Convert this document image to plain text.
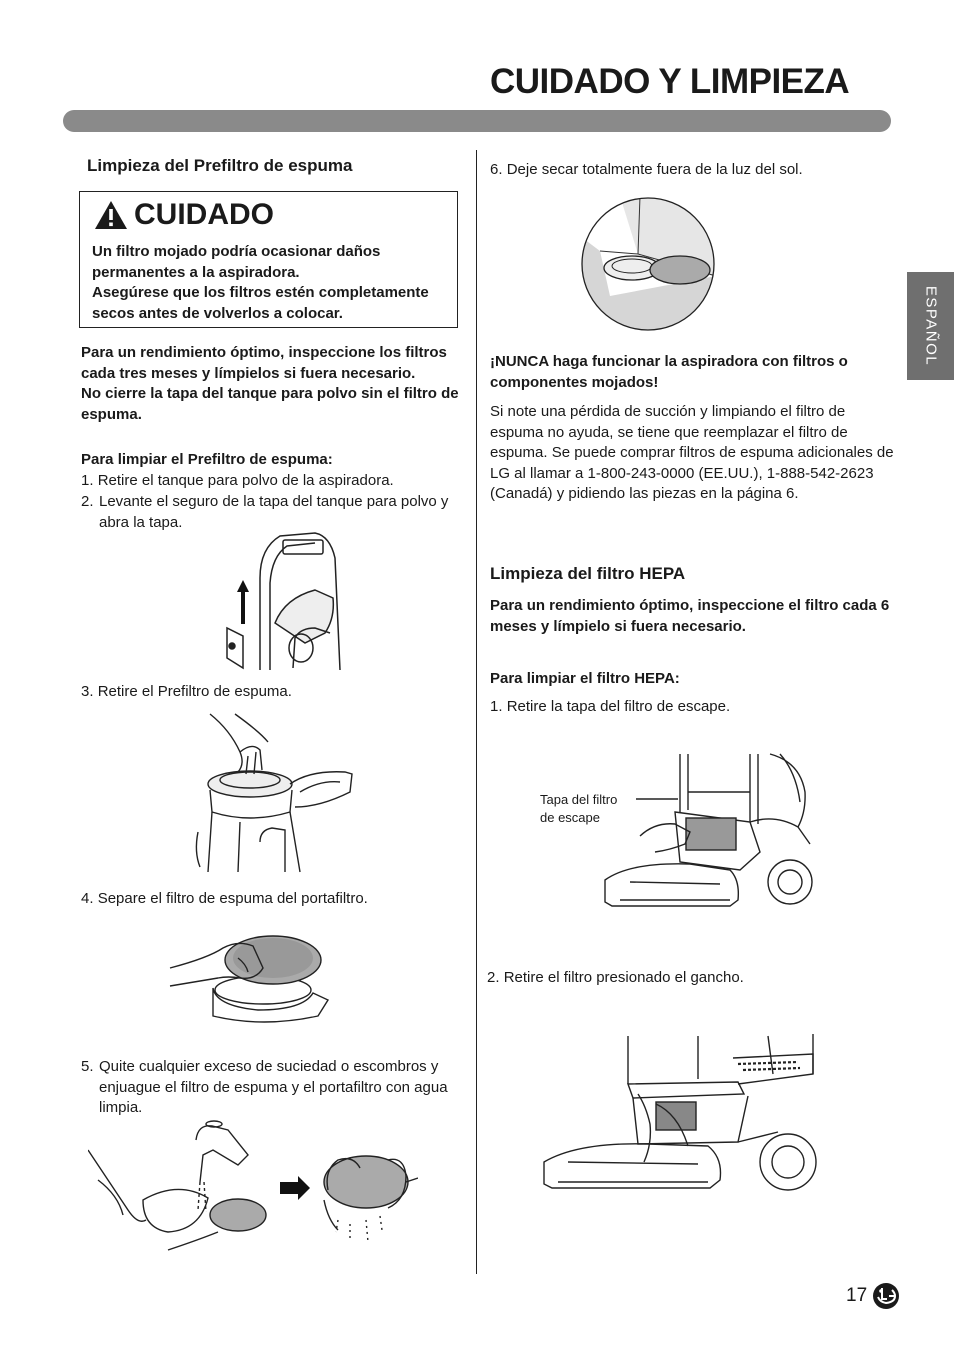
CUIDADO Y LIMPIEZA
ESPAÑOL
Limpieza del Prefiltro de espuma
CUIDADO
Un filtro mojado podría ocasionar daños permanentes a la aspiradora.
Asegúrese que los filtros estén completamente secos antes de volverlos a colocar.
Para un rendimiento óptimo, inspeccione los filtros cada tres meses y límpielos si fuera necesario.
No cierre la tapa del tanque para polvo sin el filtro de espuma.
Para limpiar el Prefiltro de espuma:
1. Retire el tanque para polvo de la aspiradora.
2. Levante el seguro de la tapa del tanque para polvo y abra la tapa.
3. Retire el Prefiltro de espuma.
4. Separe el filtro de espuma del portafiltro.
5. Quite cualquier exceso de suciedad o escombros y enjuague el filtro de espuma y el portafiltro con agua limpia.
6. Deje secar totalmente fuera de la luz del sol.
¡NUNCA haga funcionar la aspiradora con filtros o componentes mojados!
Si note una pérdida de succión y limpiando el filtro de espuma no ayuda, se tiene que reemplazar el filtro de espuma. Se puede comprar filtros de espuma adicionales de LG al llamar a 1-800-243-0000 (EE.UU.), 1-888-542-2623 (Canadá) y pidiendo las piezas en la página 6.
Limpieza del filtro HEPA
Para un rendimiento óptimo, inspeccione el filtro cada 6 meses y límpielo si fuera necesario.
Para limpiar el filtro HEPA:
1. Retire la tapa del filtro de escape.
Tapa del filtro
de escape
2. Retire el filtro presionado el gancho.
17
